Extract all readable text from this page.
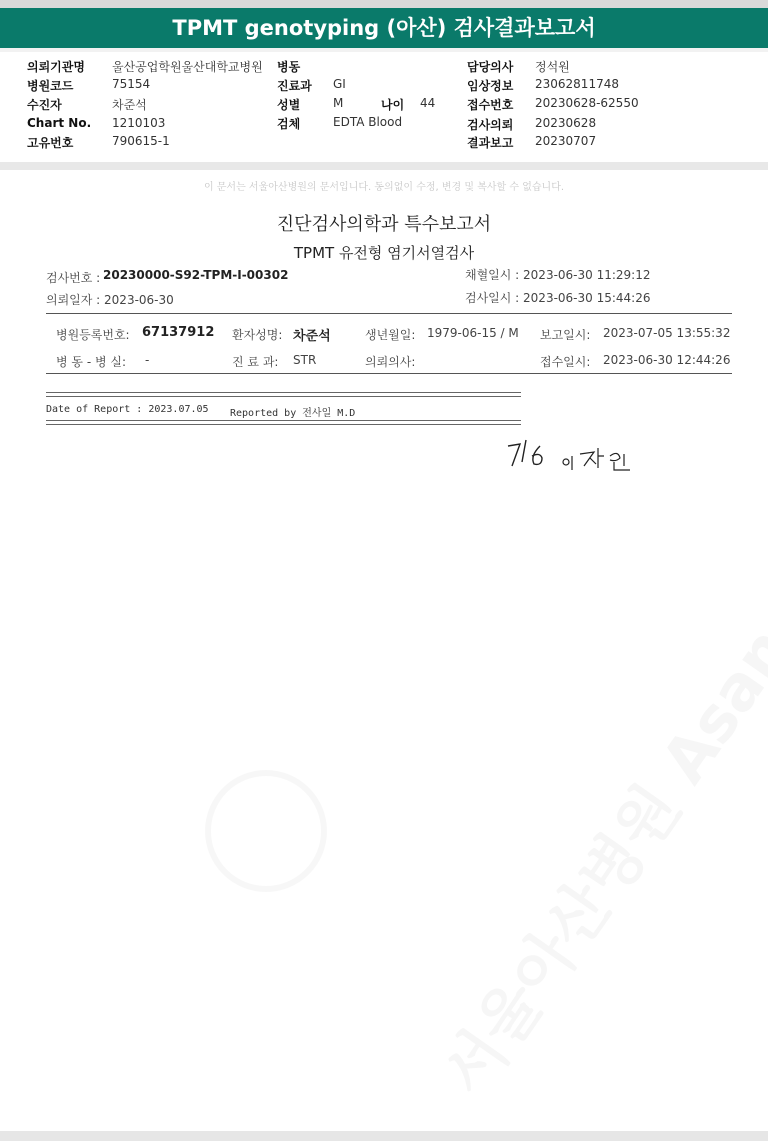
TPMT genotyping (아산) 검사결과보고서
의뢰기관명 울산공업학원울산대학교병원
병원코드	75154
수진자	차준석
Chart No. 1210103
고유번호	790615-1
병동
진료과 GI
성별	M	나이 44
검체	EDTA Blood
담당의사 정석원
임상정보 23062811748
접수번호 20230628-62550
검사의뢰 20230628
결과보고 20230707
이 문서는 서울아산병원의 문서입니다. 동의없이 수정, 변경 및 복사할 수 없습니다.
진단검사의학과 특수보고서
TPMT 유전형 염기서열검사
검사번호 : 20230000-S92-TPM-I-00302
의뢰일자 : 2023-06-30
채혈일시 : 2023-06-30 11:29:12
검사일시 : 2023-06-30 15:44:26
병원등록번호: 67137912 환자성명: 차준석	생년월일: 1979-06-15 / M 보고일시: 2023-07-05 13:55:32
병 동 - 병 실: -	진 료 과: STR	의뢰의사:	접수일시: 2023-06-30 12:44:26
Date of Report : 2023.07.05 Reported by 전사일 M.D
